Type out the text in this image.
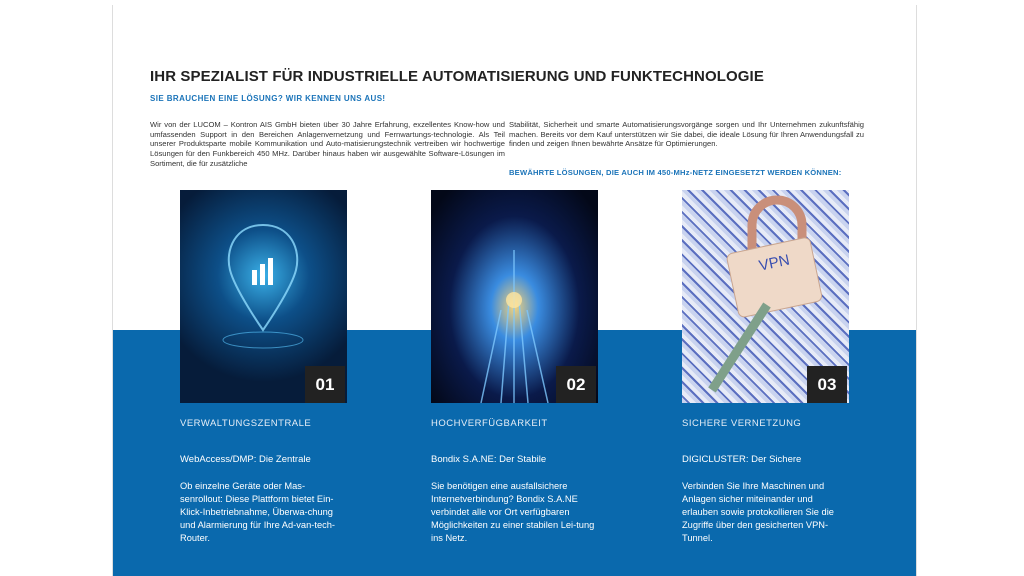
IHR SPEZIALIST FÜR INDUSTRIELLE AUTOMATISIERUNG UND FUNKTECHNOLOGIE
SIE BRAUCHEN EINE LÖSUNG? WIR KENNEN UNS AUS!

Wir von der LUCOM – Kontron AIS GmbH bieten über 30 Jahre Erfahrung, exzellentes Know-how und umfassenden Support in den Bereichen Anlagenvernetzung und Fernwartungs-technologie. Als Teil unserer Produktsparte mobile Kommunikation und Auto-matisierungstechnik vertreiben wir hochwertige Lösungen für den Funkbereich 450 MHz. Darüber hinaus haben wir ausgewählte Software-Lösungen im Sortiment, die für zusätzliche

Stabilität, Sicherheit und smarte Automatisierungsvorgänge sorgen und Ihr Unternehmen zukunftsfähig machen. Bereits vor dem Kauf unterstützen wir Sie dabei, die ideale Lösung für Ihren Anwendungsfall zu finden und zeigen Ihnen bewährte Ansätze für Optimierungen.

BEWÄHRTE LÖSUNGEN, DIE AUCH IM 450-MHz-NETZ EINGESETZT WERDEN KÖNNEN:
01
VERWALTUNGSZENTRALE
WebAccess/DMP: Die Zentrale
Ob einzelne Geräte oder Mas-senrollout: Diese Plattform bietet Ein-Klick-Inbetriebnahme, Überwa-chung und Alarmierung für Ihre Ad-van-tech-Router.
02
HOCHVERFÜGBARKEIT
Bondix S.A.NE: Der Stabile
Sie benötigen eine ausfallsichere Internetverbindung? Bondix S.A.NE verbindet alle vor Ort verfügbaren Möglichkeiten zu einer stabilen Lei-tung ins Netz.
VPN
03
SICHERE VERNETZUNG
DIGICLUSTER: Der Sichere
Verbinden Sie Ihre Maschinen und Anlagen sicher miteinander und erlauben sowie protokollieren Sie die Zugriffe über den gesicherten VPN-Tunnel.
